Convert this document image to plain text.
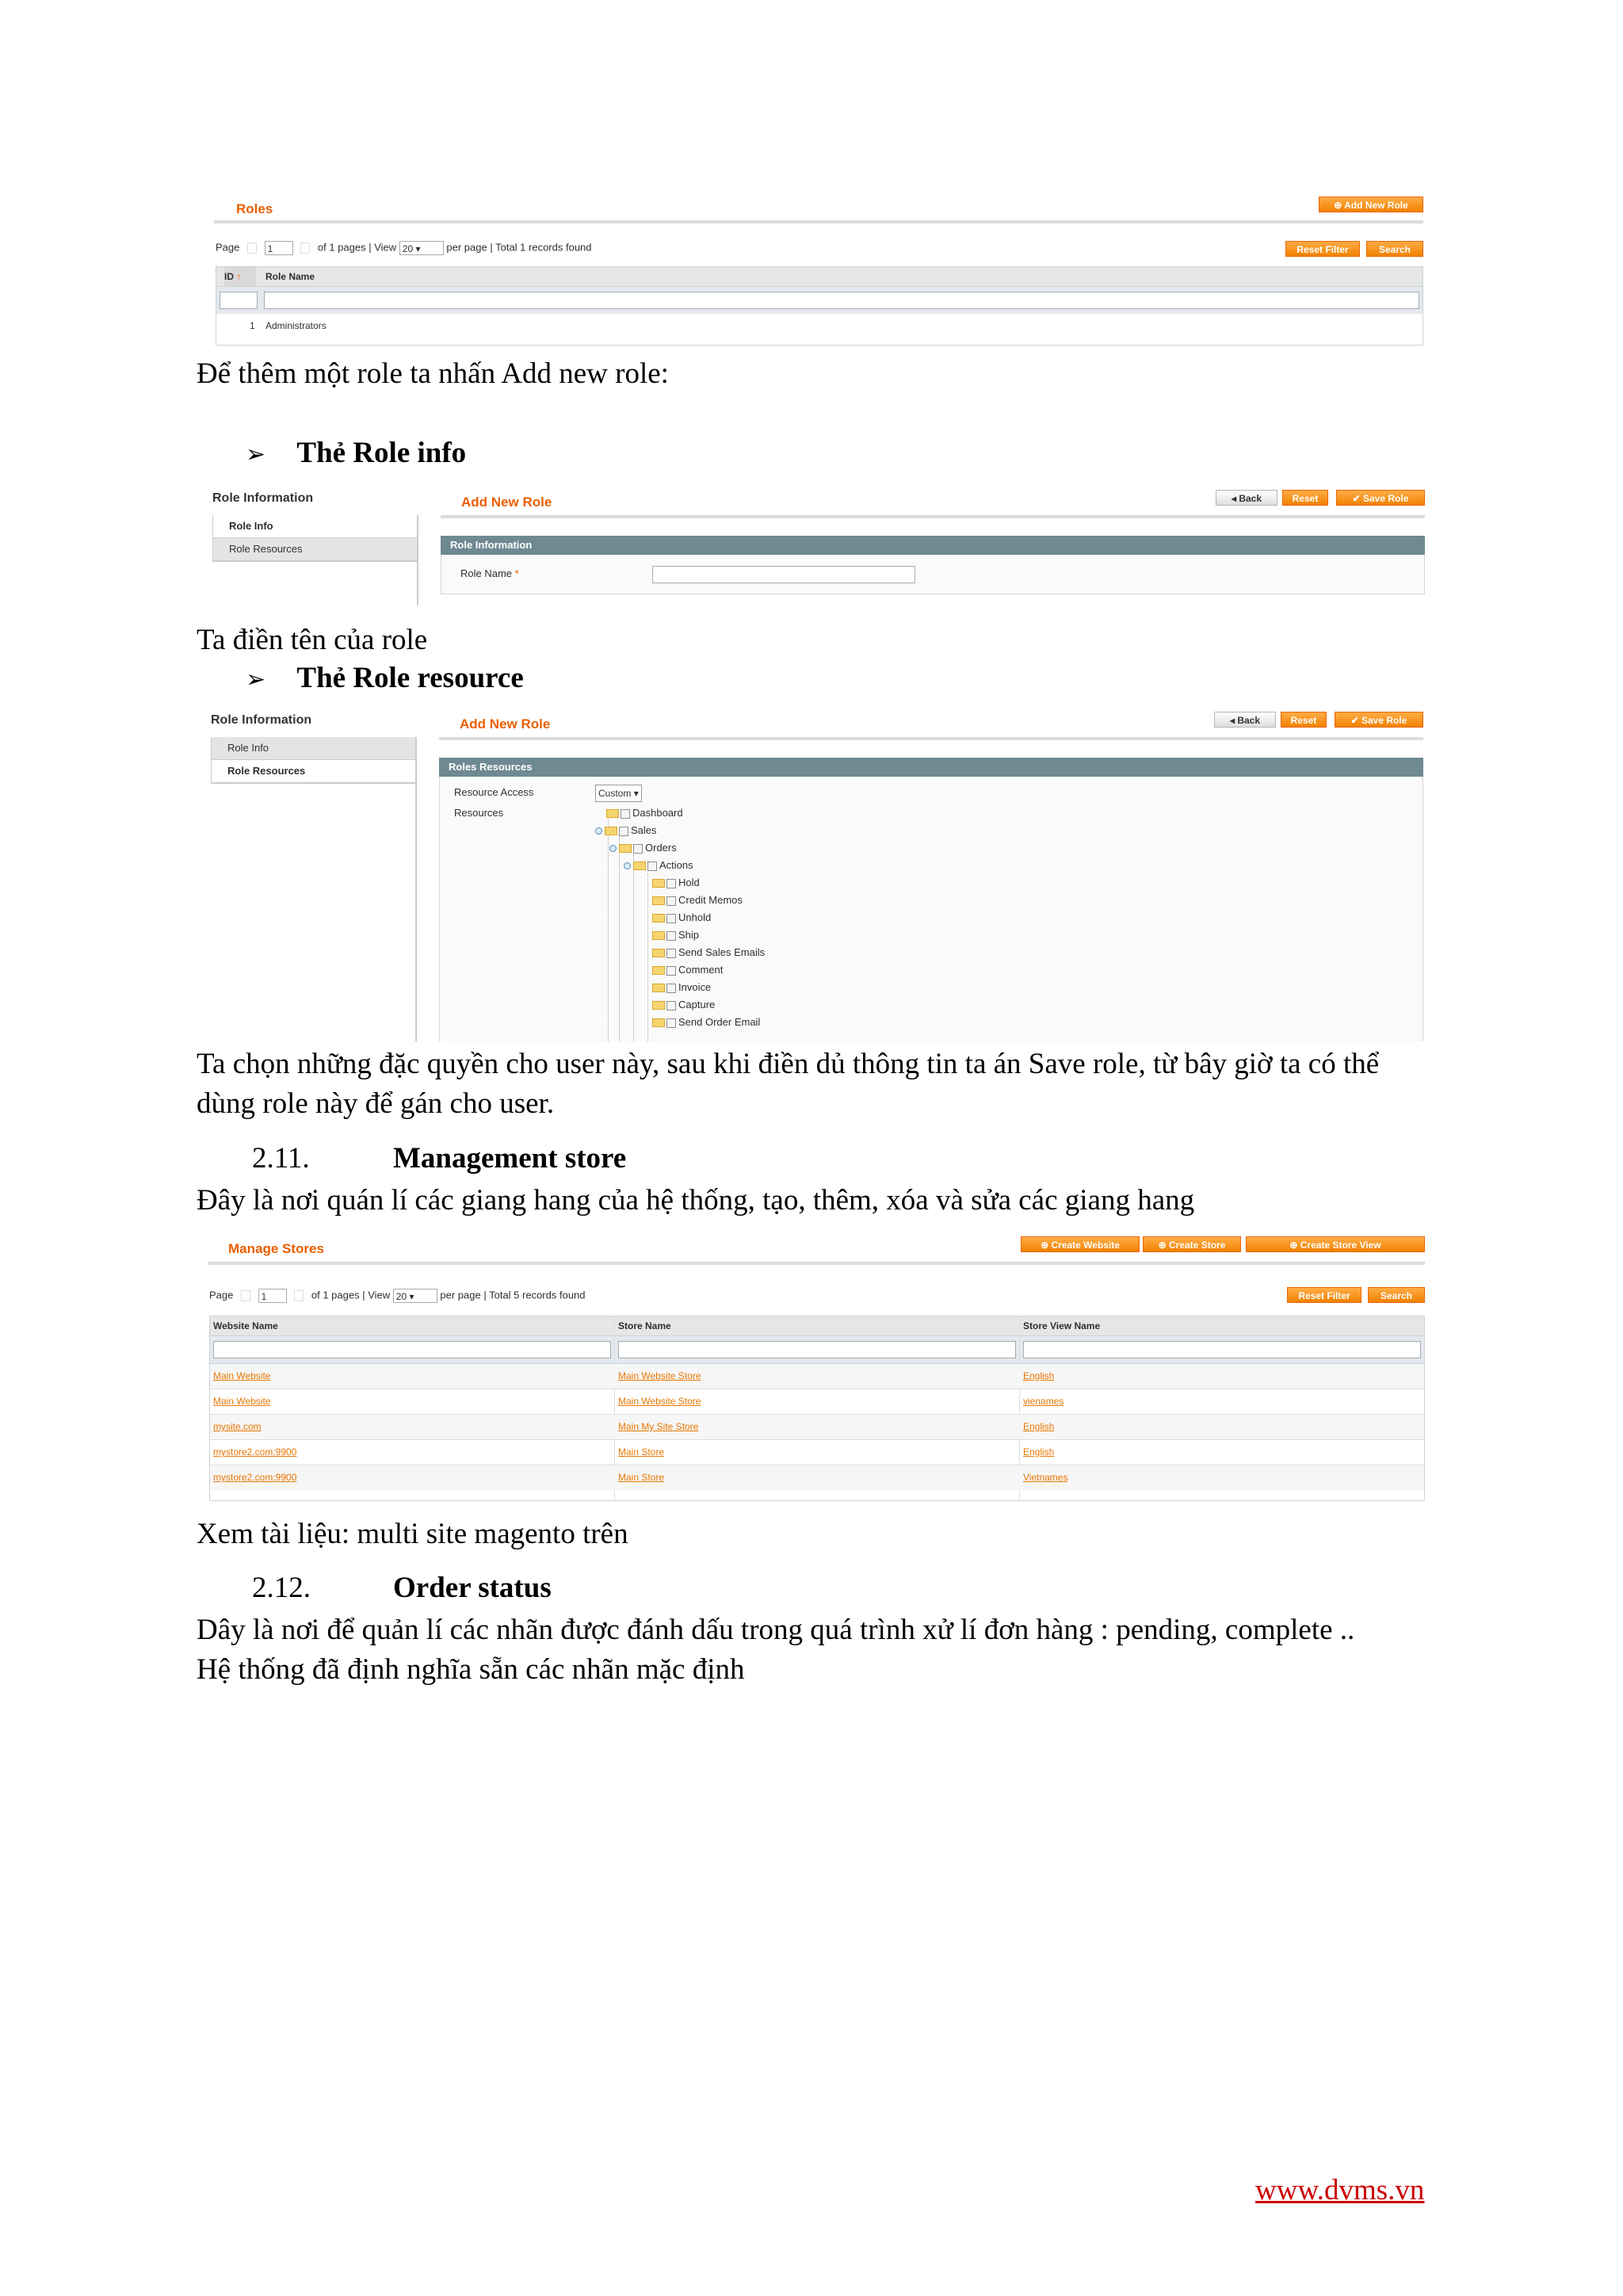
Roles	⊕ Add New Role
Page	1	of 1 pages | View 20 ▾	per page | Total 1 records found	Reset Filter	Search
ID ↑	Role Name
1 Administrators
Để thêm một role ta nhấn Add new role:
➢ Thẻ Role info
Role Information
Role Info
Role Resources
Add New Role	◂ Back	Reset	✔ Save Role
Role Information
Role Name *
Ta điền tên của role
➢ Thẻ Role resource
Role Information
Role Info
Role Resources
Add New Role	◂ Back	Reset	✔ Save Role
Roles Resources
Resource Access	Custom ▾
Resources	Dashboard
Sales
Orders
Actions
Hold
Credit Memos
Unhold
Ship
Send Sales Emails
Comment
Invoice
Capture
Send Order Email
Ta chọn những đặc quyền cho user này, sau khi điền dủ thông tin ta án Save role, từ bây giờ ta có thể dùng role này để gán cho user.
2.11.	Management store
Đây là nơi quán lí các giang hang của hệ thống, tạo, thêm, xóa và sửa các giang hang
Manage Stores	⊕ Create Website	⊕ Create Store	⊕ Create Store View
Page	1	of 1 pages | View 20 ▾	per page | Total 5 records found	Reset Filter	Search
Website Name	Store Name	Store View Name
Main Website	Main Website Store	English
Main Website	Main Website Store	vienames
mysite.com	Main My Site Store	English
mystore2.com:9900	Main Store	English
mystore2.com:9900	Main Store	Vietnames
Xem tài liệu: multi site magento trên
2.12.	Order status
Dây là nơi để quản lí các nhãn được đánh dấu trong quá trình xử lí đơn hàng : pending, complete ..
Hệ thống đã định nghĩa sẵn các nhãn mặc định
www.dvms.vn
